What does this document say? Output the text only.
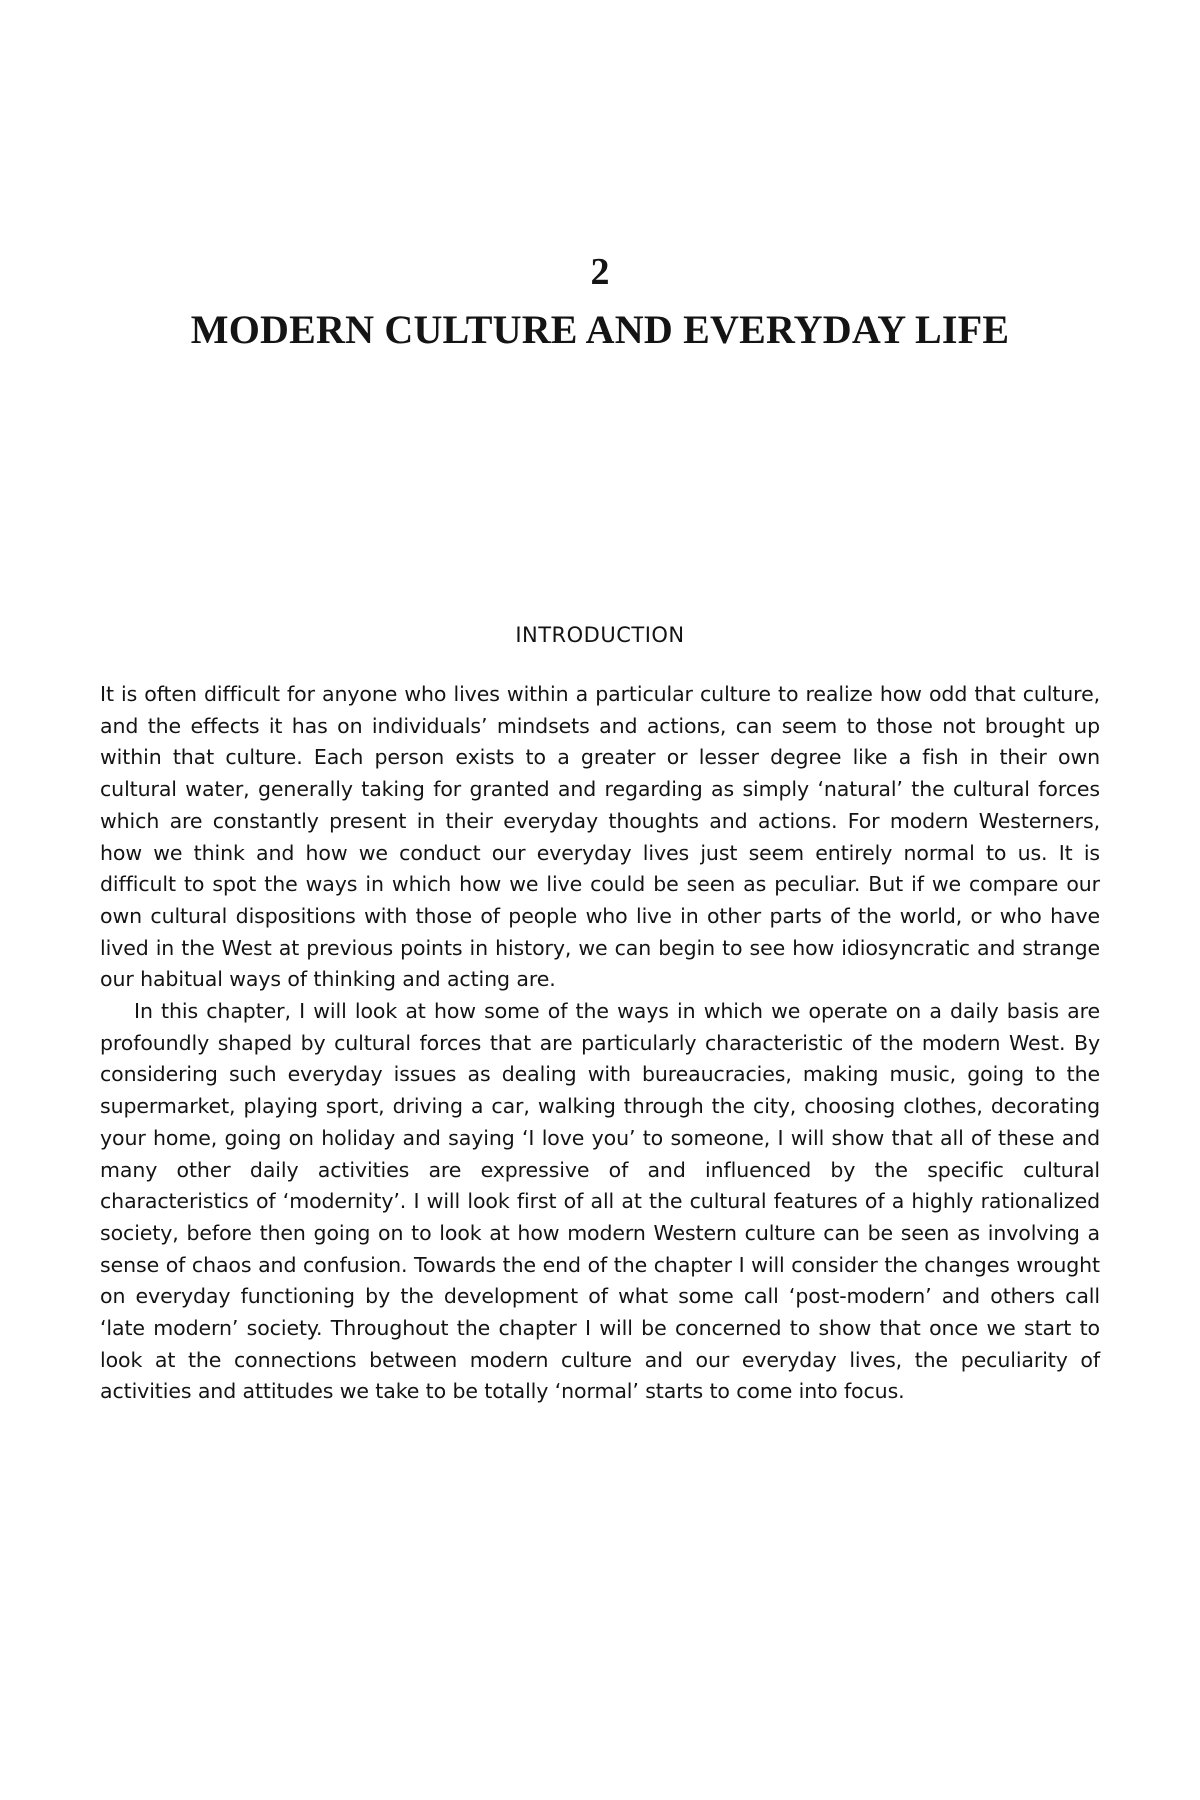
2
MODERN CULTURE AND EVERYDAY LIFE
INTRODUCTION

It is often difficult for anyone who lives within a particular culture to realize how odd that culture, and the effects it has on individuals’ mindsets and actions, can seem to those not brought up within that culture. Each person exists to a greater or lesser degree like a fish in their own cultural water, generally taking for granted and regarding as simply ‘natural’ the cultural forces which are constantly present in their everyday thoughts and actions. For modern Westerners, how we think and how we conduct our everyday lives just seem entirely normal to us. It is difficult to spot the ways in which how we live could be seen as peculiar. But if we compare our own cultural dispositions with those of people who live in other parts of the world, or who have lived in the West at previous points in history, we can begin to see how idiosyncratic and strange our habitual ways of thinking and acting are.

In this chapter, I will look at how some of the ways in which we operate on a daily basis are profoundly shaped by cultural forces that are particularly characteristic of the modern West. By considering such everyday issues as dealing with bureaucracies, making music, going to the supermarket, playing sport, driving a car, walking through the city, choosing clothes, decorating your home, going on holiday and saying ‘I love you’ to someone, I will show that all of these and many other daily activities are expressive of and influenced by the specific cultural characteristics of ‘modernity’. I will look first of all at the cultural features of a highly rationalized society, before then going on to look at how modern Western culture can be seen as involving a sense of chaos and confusion. Towards the end of the chapter I will consider the changes wrought on everyday functioning by the development of what some call ‘post-modern’ and others call ‘late modern’ society. Throughout the chapter I will be concerned to show that once we start to look at the connections between modern culture and our everyday lives, the peculiarity of activities and attitudes we take to be totally ‘normal’ starts to come into focus.
